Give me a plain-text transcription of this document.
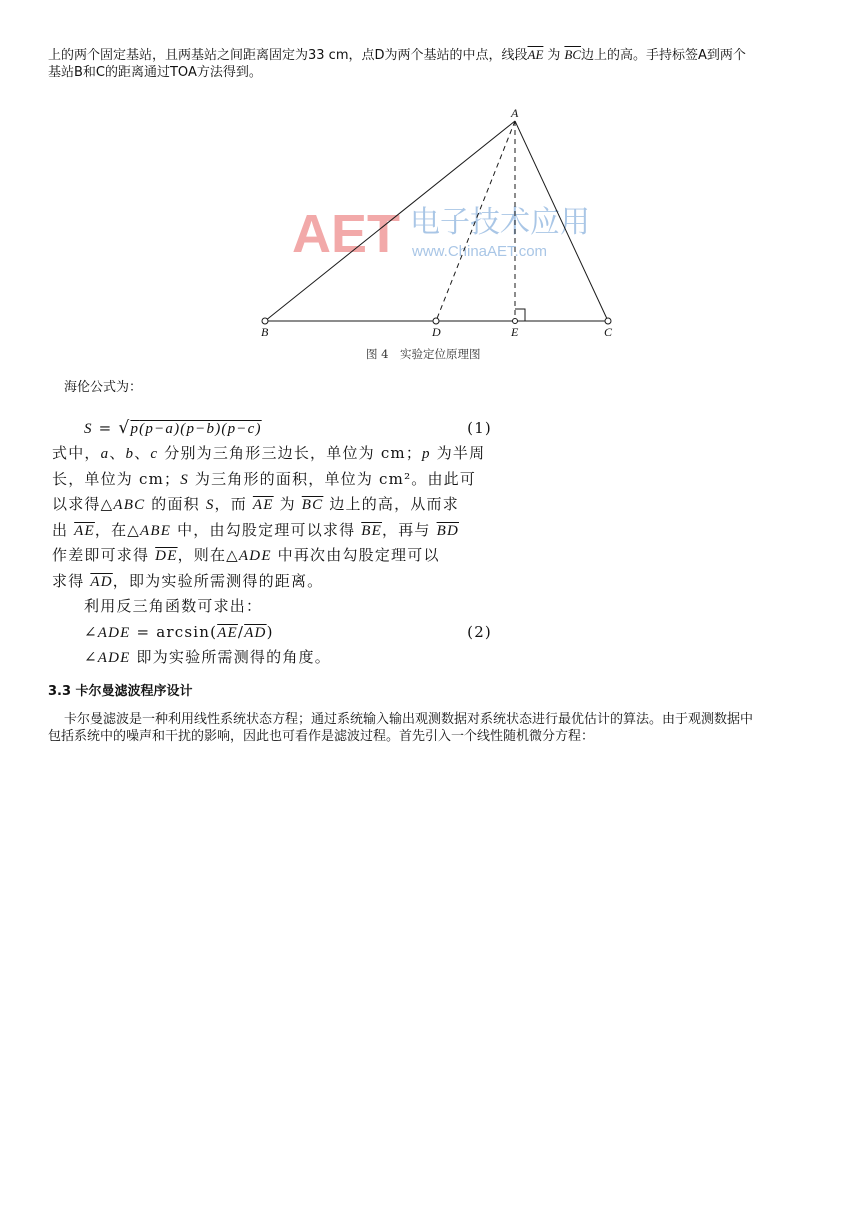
上的两个固定基站，且两基站之间距离固定为33 cm，点D为两个基站的中点，线段$\overline{AE}$ 为 $\overline{BC}$边上的高。手持标签A到两个
基站B和C的距离通过TOA方法得到。
AET 电子技术应用
www.ChinaAET.com
A
B	D	E	C
图 4　实验定位原理图
海伦公式为：
S = √p(p−a)(p−b)(p−c)	(1)
式中，a、b、c 分别为三角形三边长，单位为 cm；p 为半周
长，单位为 cm；S 为三角形的面积，单位为 cm²。由此可
以求得△ABC 的面积 S，而 $\overline{AE}$ 为 $\overline{BC}$ 边上的高，从而求
出 $\overline{AE}$，在△ABE 中，由勾股定理可以求得 $\overline{BE}$，再与 $\overline{BD}$
作差即可求得 $\overline{DE}$，则在△ADE 中再次由勾股定理可以
求得 $\overline{AD}$，即为实验所需测得的距离。
利用反三角函数可求出：
∠ADE = $\arcsin(\overline{AE}/\overline{AD})$	(2)
∠ADE 即为实验所需测得的角度。
3.3 卡尔曼滤波程序设计
卡尔曼滤波是一种利用线性系统状态方程；通过系统输入输出观测数据对系统状态进行最优估计的算法。由于观测数据中
包括系统中的噪声和干扰的影响，因此也可看作是滤波过程。首先引入一个线性随机微分方程：
